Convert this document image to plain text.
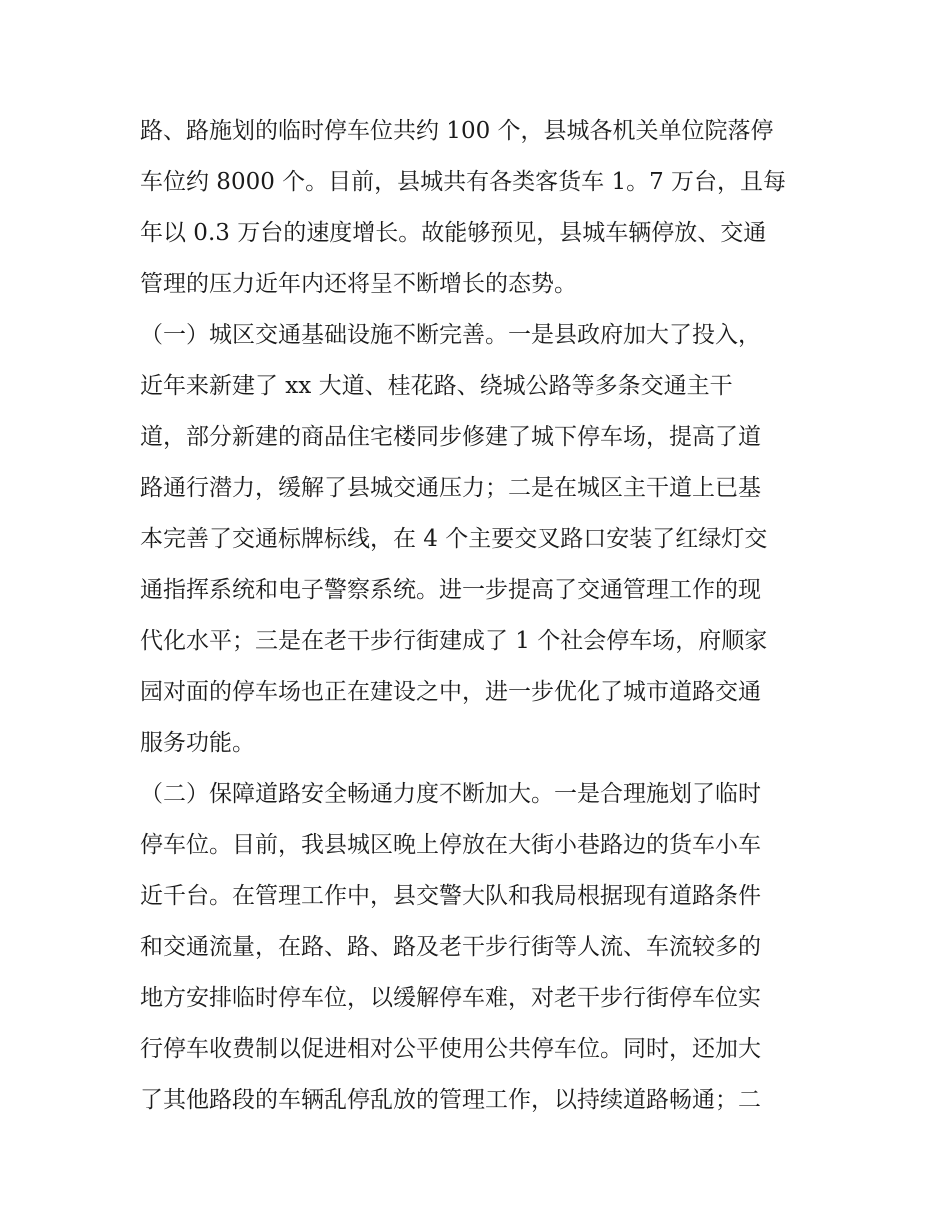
路、路施划的临时停车位共约 100 个，县城各机关单位院落停
车位约 8000 个。目前，县城共有各类客货车 1。7 万台，且每
年以 0.3 万台的速度增长。故能够预见，县城车辆停放、交通
管理的压力近年内还将呈不断增长的态势。
（一）城区交通基础设施不断完善。一是县政府加大了投入，
近年来新建了 xx 大道、桂花路、绕城公路等多条交通主干
道，部分新建的商品住宅楼同步修建了城下停车场，提高了道
路通行潜力，缓解了县城交通压力；二是在城区主干道上已基
本完善了交通标牌标线，在 4 个主要交叉路口安装了红绿灯交
通指挥系统和电子警察系统。进一步提高了交通管理工作的现
代化水平；三是在老干步行街建成了 1 个社会停车场，府顺家
园对面的停车场也正在建设之中，进一步优化了城市道路交通
服务功能。
（二）保障道路安全畅通力度不断加大。一是合理施划了临时
停车位。目前，我县城区晚上停放在大街小巷路边的货车小车
近千台。在管理工作中，县交警大队和我局根据现有道路条件
和交通流量，在路、路、路及老干步行街等人流、车流较多的
地方安排临时停车位，以缓解停车难，对老干步行街停车位实
行停车收费制以促进相对公平使用公共停车位。同时，还加大
了其他路段的车辆乱停乱放的管理工作，以持续道路畅通；二
